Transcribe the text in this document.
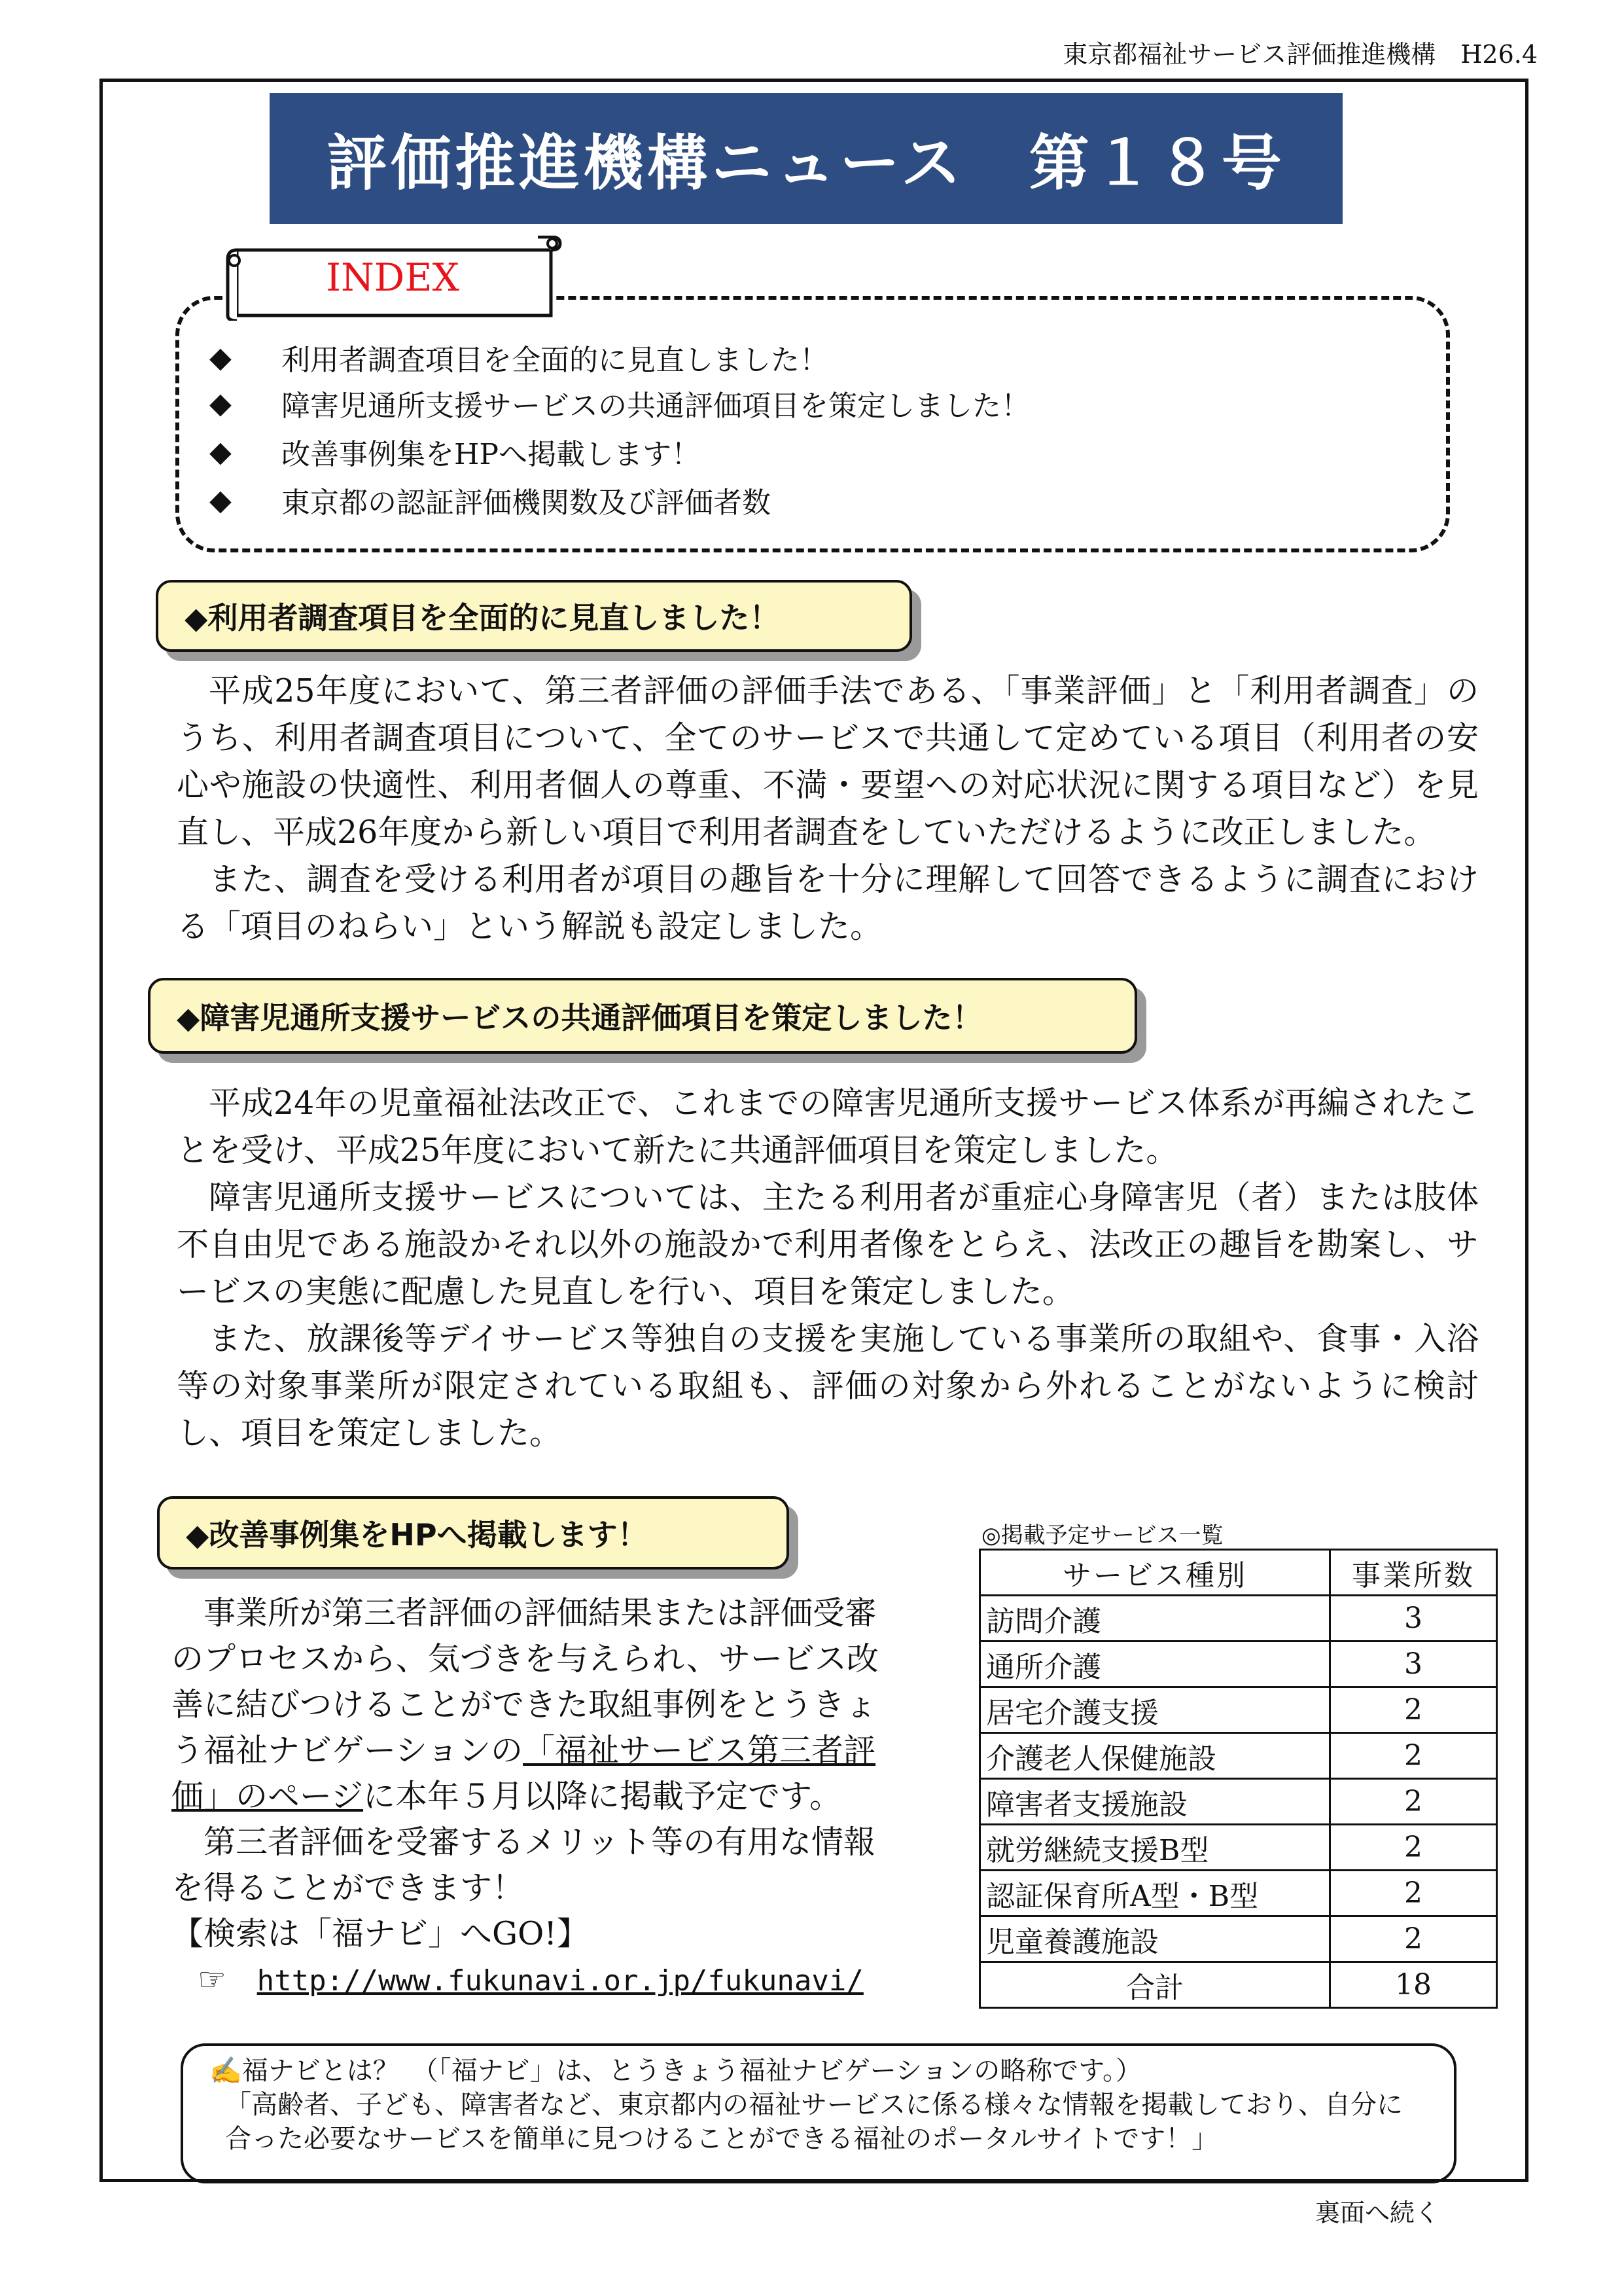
東京都福祉サービス評価推進機構　H26.4
評価推進機構ニュース　第１８号
INDEX
◆	利用者調査項目を全面的に見直しました！
◆	障害児通所支援サービスの共通評価項目を策定しました！
◆	改善事例集をHPへ掲載します！
◆	東京都の認証評価機関数及び評価者数
◆利用者調査項目を全面的に見直しました！

平成25年度において、第三者評価の評価手法である、「事業評価」と「利用者調査」のうち、利用者調査項目について、全てのサービスで共通して定めている項目（利用者の安心や施設の快適性、利用者個人の尊重、不満・要望への対応状況に関する項目など）を見直し、平成26年度から新しい項目で利用者調査をしていただけるように改正しました。

また、調査を受ける利用者が項目の趣旨を十分に理解して回答できるように調査における「項目のねらい」という解説も設定しました。

◆障害児通所支援サービスの共通評価項目を策定しました！

平成24年の児童福祉法改正で、これまでの障害児通所支援サービス体系が再編されたことを受け、平成25年度において新たに共通評価項目を策定しました。

障害児通所支援サービスについては、主たる利用者が重症心身障害児（者）または肢体不自由児である施設かそれ以外の施設かで利用者像をとらえ、法改正の趣旨を勘案し、サービスの実態に配慮した見直しを行い、項目を策定しました。

また、放課後等デイサービス等独自の支援を実施している事業所の取組や、食事・入浴等の対象事業所が限定されている取組も、評価の対象から外れることがないように検討し、項目を策定しました。

◆改善事例集をHPへ掲載します！

事業所が第三者評価の評価結果または評価受審のプロセスから、気づきを与えられ、サービス改善に結びつけることができた取組事例をとうきょう福祉ナビゲーションの「福祉サービス第三者評価」のページに本年５月以降に掲載予定です。

第三者評価を受審するメリット等の有用な情報を得ることができます！

【検索は「福ナビ」へGO!】

☞ http://www.fukunavi.or.jp/fukunavi/

◎掲載予定サービス一覧
サービス種別	事業所数
訪問介護	3
通所介護	3
居宅介護支援	2
介護老人保健施設	2
障害者支援施設	2
就労継続支援B型	2
認証保育所A型・B型	2
児童養護施設	2
合計	18
✍福ナビとは？　（「福ナビ」は、とうきょう福祉ナビゲーションの略称です。）
「高齢者、子ども、障害者など、東京都内の福祉サービスに係る様々な情報を掲載しており、自分に合った必要なサービスを簡単に見つけることができる福祉のポータルサイトです！」
裏面へ続く
